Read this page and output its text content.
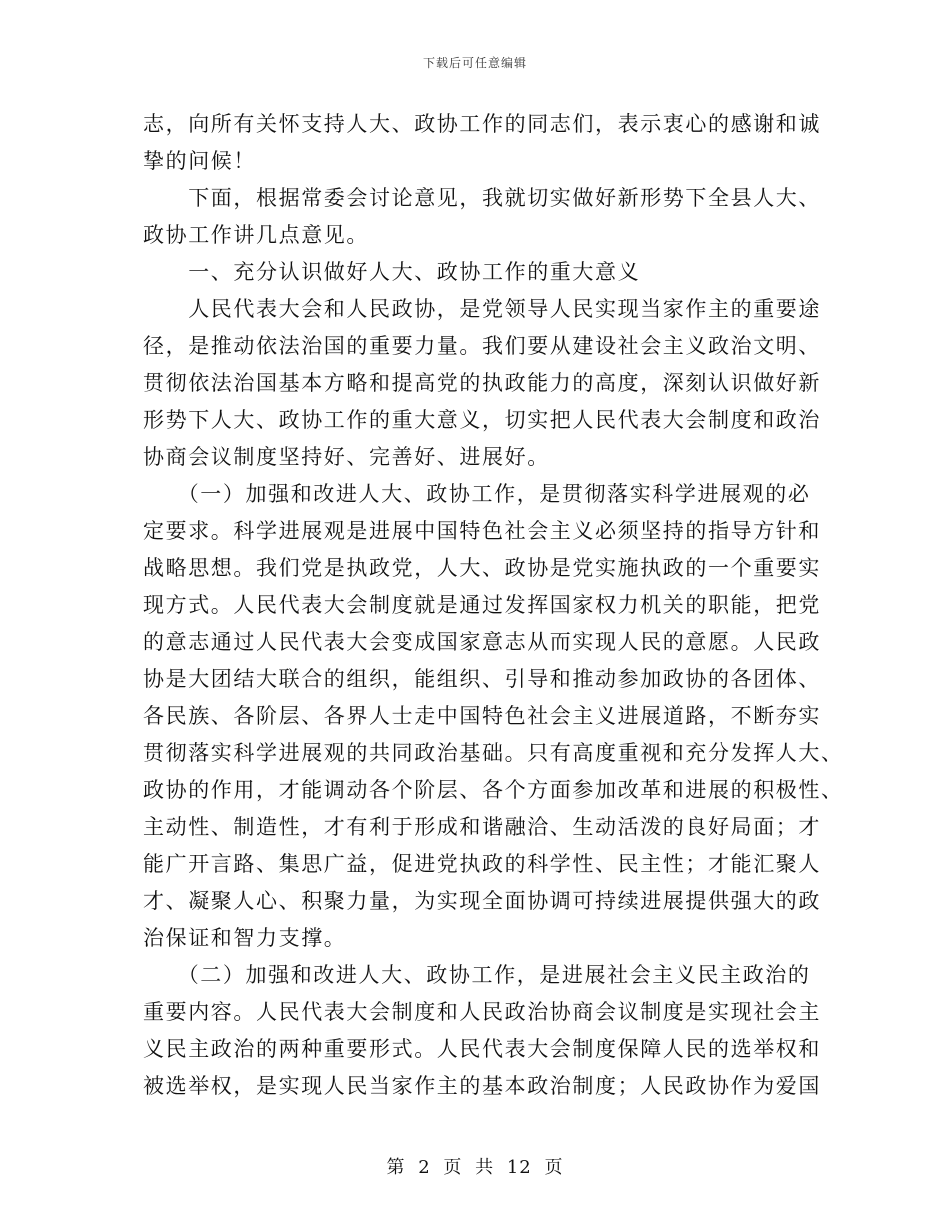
下载后可任意编辑
志，向所有关怀支持人大、政协工作的同志们，表示衷心的感谢和诚
挚的问候！
　　下面，根据常委会讨论意见，我就切实做好新形势下全县人大、
政协工作讲几点意见。
　　一、充分认识做好人大、政协工作的重大意义
　　人民代表大会和人民政协，是党领导人民实现当家作主的重要途
径，是推动依法治国的重要力量。我们要从建设社会主义政治文明、
贯彻依法治国基本方略和提高党的执政能力的高度，深刻认识做好新
形势下人大、政协工作的重大意义，切实把人民代表大会制度和政治
协商会议制度坚持好、完善好、进展好。
　　（一）加强和改进人大、政协工作，是贯彻落实科学进展观的必
定要求。科学进展观是进展中国特色社会主义必须坚持的指导方针和
战略思想。我们党是执政党，人大、政协是党实施执政的一个重要实
现方式。人民代表大会制度就是通过发挥国家权力机关的职能，把党
的意志通过人民代表大会变成国家意志从而实现人民的意愿。人民政
协是大团结大联合的组织，能组织、引导和推动参加政协的各团体、
各民族、各阶层、各界人士走中国特色社会主义进展道路，不断夯实
贯彻落实科学进展观的共同政治基础。只有高度重视和充分发挥人大、
政协的作用，才能调动各个阶层、各个方面参加改革和进展的积极性、
主动性、制造性，才有利于形成和谐融洽、生动活泼的良好局面；才
能广开言路、集思广益，促进党执政的科学性、民主性；才能汇聚人
才、凝聚人心、积聚力量，为实现全面协调可持续进展提供强大的政
治保证和智力支撑。
　　（二）加强和改进人大、政协工作，是进展社会主义民主政治的
重要内容。人民代表大会制度和人民政治协商会议制度是实现社会主
义民主政治的两种重要形式。人民代表大会制度保障人民的选举权和
被选举权，是实现人民当家作主的基本政治制度；人民政协作为爱国
第 2 页 共 12 页
